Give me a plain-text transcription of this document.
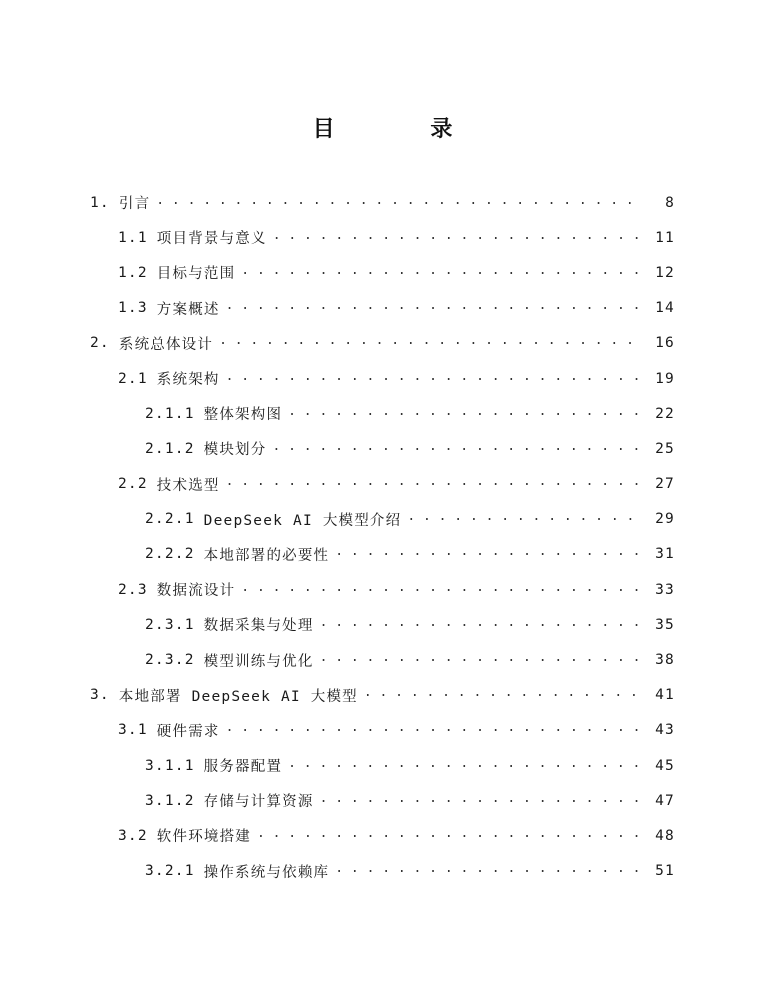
目 录
1. 引言 . . .	8
1.1 项目背景与意义 . . .	11
1.2 目标与范围 . . .	12
1.3 方案概述 . . .	14
2. 系统总体设计 . . .	16
2.1 系统架构 . . .	19
2.1.1 整体架构图 . . .	22
2.1.2 模块划分 . . .	25
2.2 技术选型 . . .	27
2.2.1 DeepSeek AI 大模型介绍 . . .	29
2.2.2 本地部署的必要性 . . .	31
2.3 数据流设计 . . .	33
2.3.1 数据采集与处理 . . .	35
2.3.2 模型训练与优化 . . .	38
3. 本地部署 DeepSeek AI 大模型 . . .	41
3.1 硬件需求 . . .	43
3.1.1 服务器配置 . . .	45
3.1.2 存储与计算资源 . . .	47
3.2 软件环境搭建 . . .	48
3.2.1 操作系统与依赖库 . . .	51
